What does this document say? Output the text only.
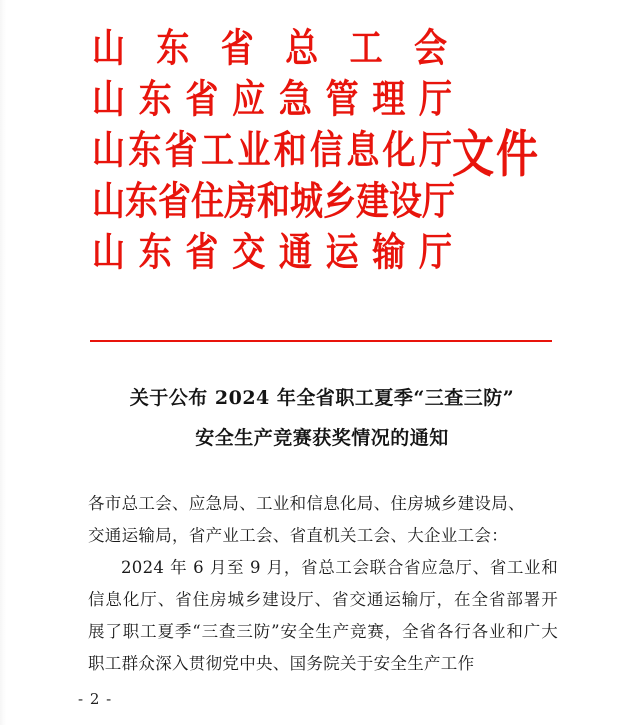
山东省总工会
山东省应急管理厅
山东省工业和信息化厅
山东省住房和城乡建设厅
山东省交通运输厅
文件
关于公布 2024 年全省职工夏季“三查三防”
安全生产竞赛获奖情况的通知

各市总工会、应急局、工业和信息化局、住房城乡建设局、

交通运输局，省产业工会、省直机关工会、大企业工会：

2024 年 6 月至 9 月，省总工会联合省应急厅、省工业和信息化厅、省住房城乡建设厅、省交通运输厅，在全省部署开展了职工夏季“三查三防”安全生产竞赛，全省各行各业和广大职工群众深入贯彻党中央、国务院关于安全生产工作

- 2 -
